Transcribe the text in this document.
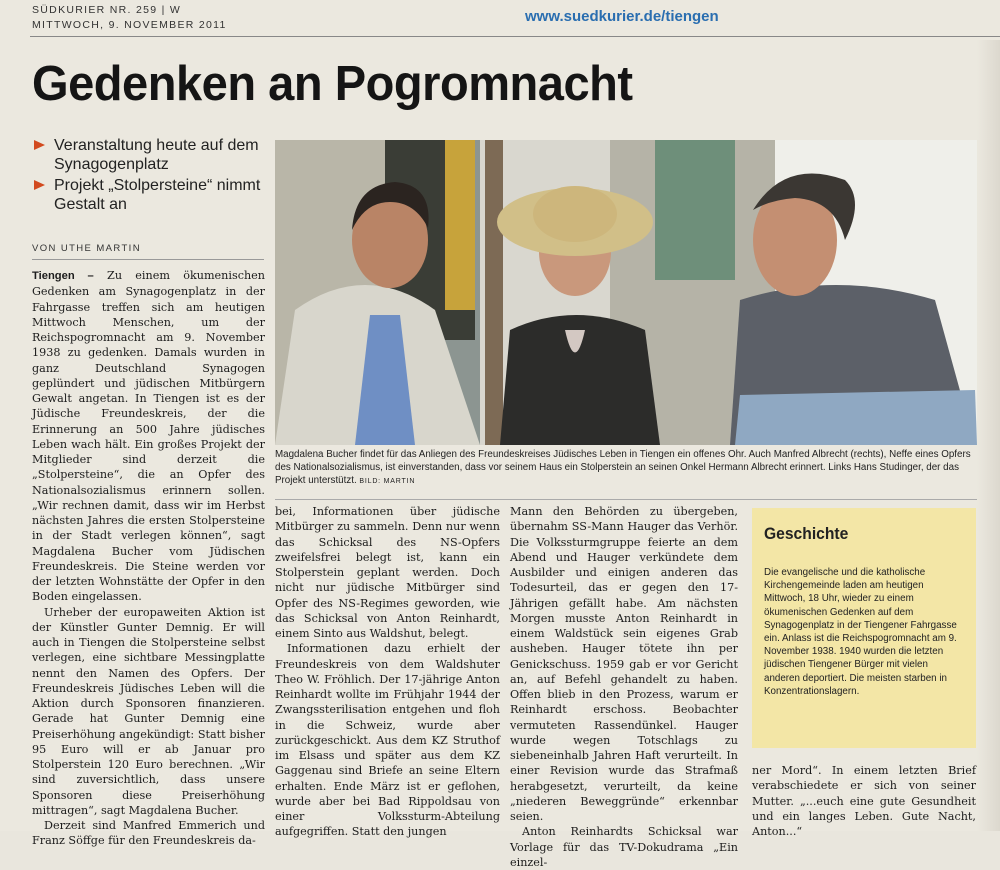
SÜDKURIER NR. 259 | W
MITTWOCH, 9. NOVEMBER 2011	www.suedkurier.de/tiengen
Gedenken an Pogromnacht
Veranstaltung heute auf dem Synagogenplatz
Projekt „Stolpersteine“ nimmt Gestalt an
VON UTHE MARTIN

Tiengen – Zu einem ökumenischen Gedenken am Synagogenplatz in der Fahrgasse treffen sich am heutigen Mittwoch Menschen, um der Reichspogromnacht am 9. November 1938 zu gedenken. Damals wurden in ganz Deutschland Synagogen geplündert und jüdischen Mitbürgern Gewalt angetan. In Tiengen ist es der Jüdische Freundeskreis, der die Erinnerung an 500 Jahre jüdisches Leben wach hält. Ein großes Projekt der Mitglieder sind derzeit die „Stolpersteine“, die an Opfer des Nationalsozialismus erinnern sollen. „Wir rechnen damit, dass wir im Herbst nächsten Jahres die ersten Stolpersteine in der Stadt verlegen können“, sagt Magdalena Bucher vom Jüdischen Freundeskreis. Die Steine werden vor der letzten Wohnstätte der Opfer in den Boden eingelassen.

Urheber der europaweiten Aktion ist der Künstler Gunter Demnig. Er will auch in Tiengen die Stolpersteine selbst verlegen, eine sichtbare Messingplatte nennt den Namen des Opfers. Der Freundeskreis Jüdisches Leben will die Aktion durch Sponsoren finanzieren. Gerade hat Gunter Demnig eine Preiserhöhung angekündigt: Statt bisher 95 Euro will er ab Januar pro Stolperstein 120 Euro berechnen. „Wir sind zuversichtlich, dass unsere Sponsoren diese Preiserhöhung mittragen“, sagt Magdalena Bucher.

Derzeit sind Manfred Emmerich und Franz Söffge für den Freundeskreis da-

Magdalena Bucher findet für das Anliegen des Freundeskreises Jüdisches Leben in Tiengen ein offenes Ohr. Auch Manfred Albrecht (rechts), Neffe eines Opfers des Nationalsozialismus, ist einverstanden, dass vor seinem Haus ein Stolperstein an seinen Onkel Hermann Albrecht erinnert. Links Hans Studinger, der das Projekt unterstützt. BILD: MARTIN

bei, Informationen über jüdische Mitbürger zu sammeln. Denn nur wenn das Schicksal des NS-Opfers zweifelsfrei belegt ist, kann ein Stolperstein geplant werden. Doch nicht nur jüdische Mitbürger sind Opfer des NS-Regimes geworden, wie das Schicksal von Anton Reinhardt, einem Sinto aus Waldshut, belegt.

Informationen dazu erhielt der Freundeskreis von dem Waldshuter Theo W. Fröhlich. Der 17-jährige Anton Reinhardt wollte im Frühjahr 1944 der Zwangssterilisation entgehen und floh in die Schweiz, wurde aber zurückgeschickt. Aus dem KZ Struthof im Elsass und später aus dem KZ Gaggenau sind Briefe an seine Eltern erhalten. Ende März ist er geflohen, wurde aber bei Bad Rippoldsau von einer Volkssturm-Abteilung aufgegriffen. Statt den jungen

Mann den Behörden zu übergeben, übernahm SS-Mann Hauger das Verhör. Die Volkssturmgruppe feierte an dem Abend und Hauger verkündete dem Ausbilder und einigen anderen das Todesurteil, das er gegen den 17-Jährigen gefällt habe. Am nächsten Morgen musste Anton Reinhardt in einem Waldstück sein eigenes Grab ausheben. Hauger tötete ihn per Genickschuss. 1959 gab er vor Gericht an, auf Befehl gehandelt zu haben. Offen blieb in den Prozess, warum er Reinhardt erschoss. Beobachter vermuteten Rassendünkel. Hauger wurde wegen Totschlags zu siebeneinhalb Jahren Haft verurteilt. In einer Revision wurde das Strafmaß herabgesetzt, verurteilt, da keine „niederen Beweggründe“ erkennbar seien.

Anton Reinhardts Schicksal war Vorlage für das TV-Dokudrama „Ein einzel-

Geschichte
Die evangelische und die katholische Kirchengemeinde laden am heutigen Mittwoch, 18 Uhr, wieder zu einem ökumenischen Gedenken auf dem Synagogenplatz in der Tiengener Fahrgasse ein. Anlass ist die Reichspogromnacht am 9. November 1938. 1940 wurden die letzten jüdischen Tiengener Bürger mit vielen anderen deportiert. Die meisten starben in Konzentrationslagern.

ner Mord“. In einem letzten Brief verabschiedete er sich von seiner Mutter. „...euch eine gute Gesundheit und ein langes Leben. Gute Nacht, Anton...“
